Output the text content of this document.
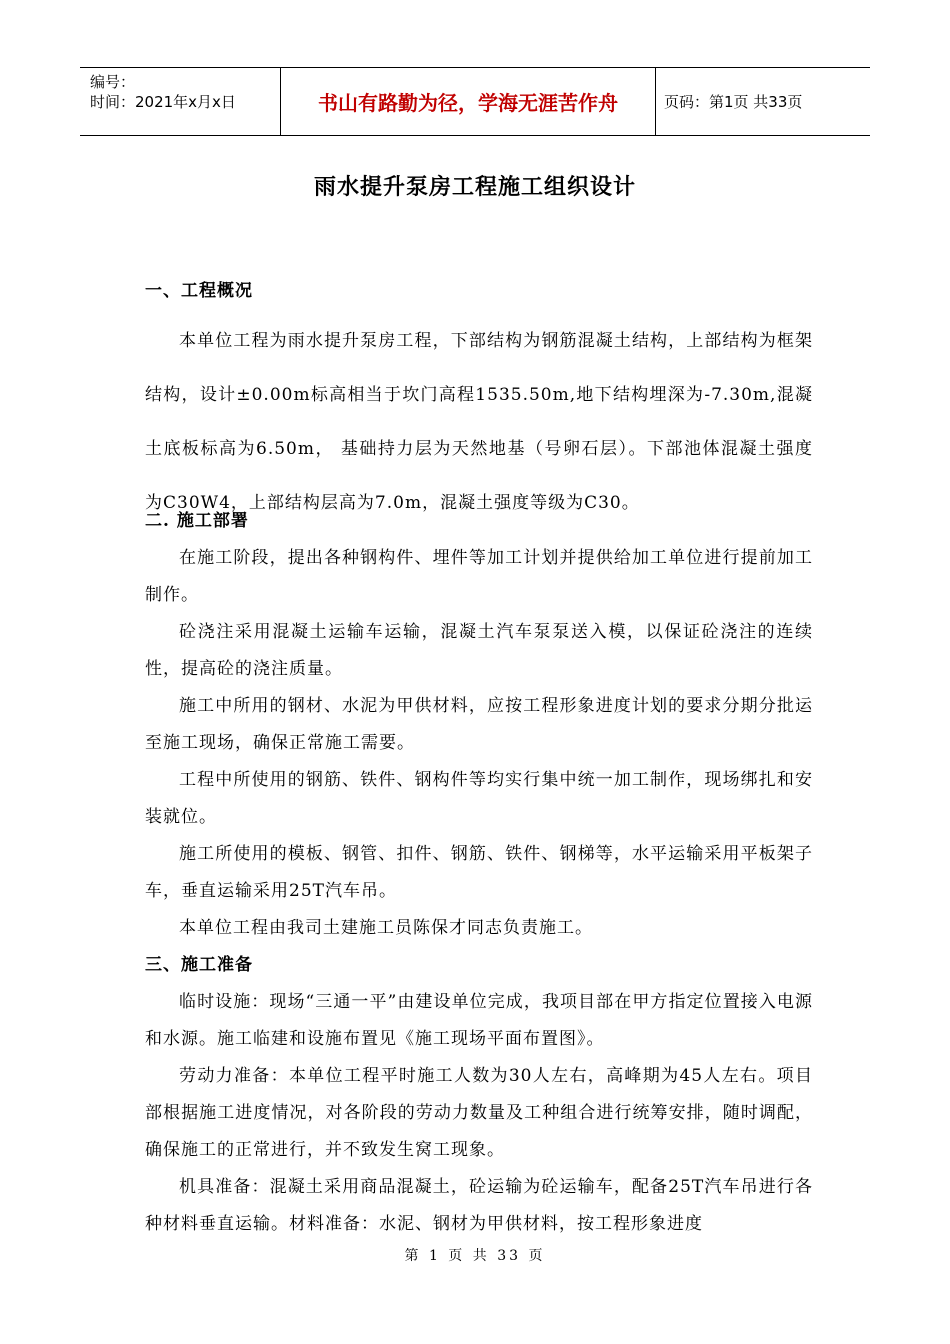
编号：
时间：2021年x月x日	书山有路勤为径，学海无涯苦作舟	页码：第1页 共33页
雨水提升泵房工程施工组织设计

一、工程概况

本单位工程为雨水提升泵房工程，下部结构为钢筋混凝土结构，上部结构为框架结构，设计±0.00m标高相当于坎门高程1535.50m,地下结构埋深为-7.30m,混凝土底板标高为6.50m， 基础持力层为天然地基（号卵石层）。下部池体混凝土强度为C30W4，上部结构层高为7.0m，混凝土强度等级为C30。

二. 施工部署

在施工阶段，提出各种钢构件、埋件等加工计划并提供给加工单位进行提前加工制作。

砼浇注采用混凝土运输车运输，混凝土汽车泵泵送入模，以保证砼浇注的连续性，提高砼的浇注质量。

施工中所用的钢材、水泥为甲供材料，应按工程形象进度计划的要求分期分批运至施工现场，确保正常施工需要。

工程中所使用的钢筋、铁件、钢构件等均实行集中统一加工制作，现场绑扎和安装就位。

施工所使用的模板、钢管、扣件、钢筋、铁件、钢梯等，水平运输采用平板架子车，垂直运输采用25T汽车吊。

本单位工程由我司土建施工员陈保才同志负责施工。

三、施工准备

临时设施：现场“三通一平”由建设单位完成，我项目部在甲方指定位置接入电源和水源。施工临建和设施布置见《施工现场平面布置图》。

劳动力准备：本单位工程平时施工人数为30人左右，高峰期为45人左右。项目部根据施工进度情况，对各阶段的劳动力数量及工种组合进行统筹安排，随时调配，确保施工的正常进行，并不致发生窝工现象。

机具准备：混凝土采用商品混凝土，砼运输为砼运输车，配备25T汽车吊进行各种材料垂直运输。材料准备：水泥、钢材为甲供材料，按工程形象进度

第 1 页 共 33 页
